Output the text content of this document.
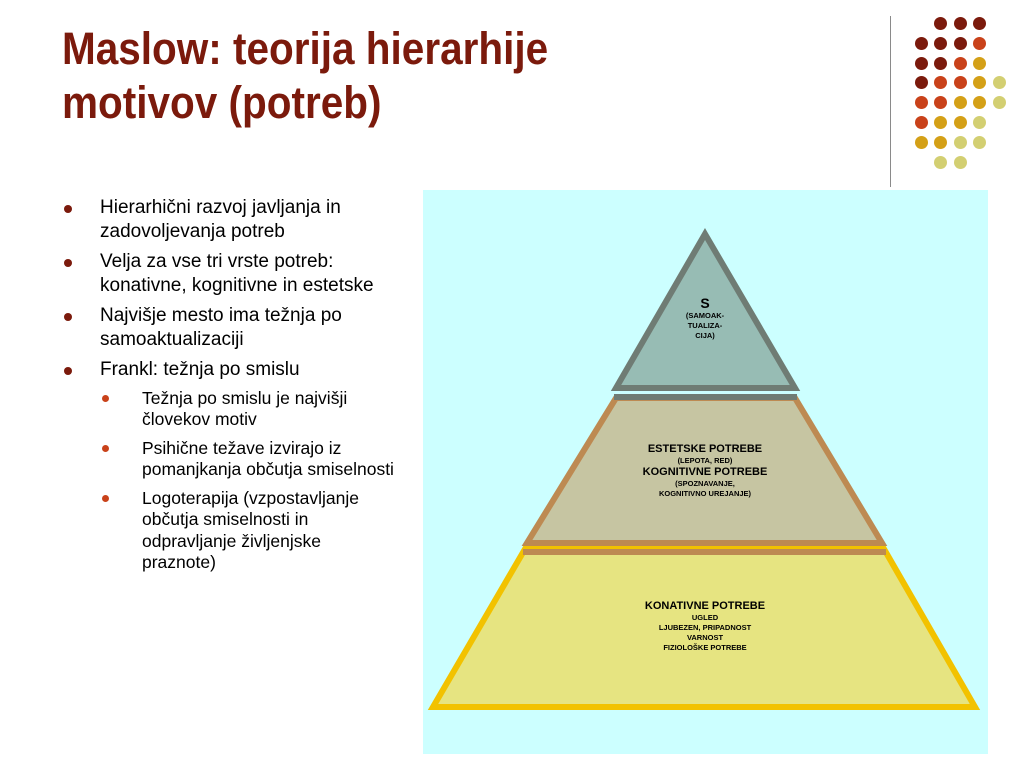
Maslow: teorija hierarhije
motivov (potreb)
Hierarhični razvoj javljanja in zadovoljevanja potreb
Velja za vse tri vrste potreb: konativne, kognitivne in estetske
Najvišje mesto ima težnja po samoaktualizaciji
Frankl: težnja po smislu
Težnja po smislu je najvišji človekov motiv
Psihične težave izvirajo iz pomanjkanja občutja smiselnosti
Logoterapija (vzpostavljanje občutja smiselnosti in odpravljanje življenjske praznote)
S
(SAMOAK-
TUALIZA-
CIJA)
ESTETSKE POTREBE
(LEPOTA, RED)
KOGNITIVNE POTREBE
(SPOZNAVANJE,
KOGNITIVNO UREJANJE)
KONATIVNE POTREBE
UGLED
LJUBEZEN, PRIPADNOST
VARNOST
FIZIOLOŠKE POTREBE
